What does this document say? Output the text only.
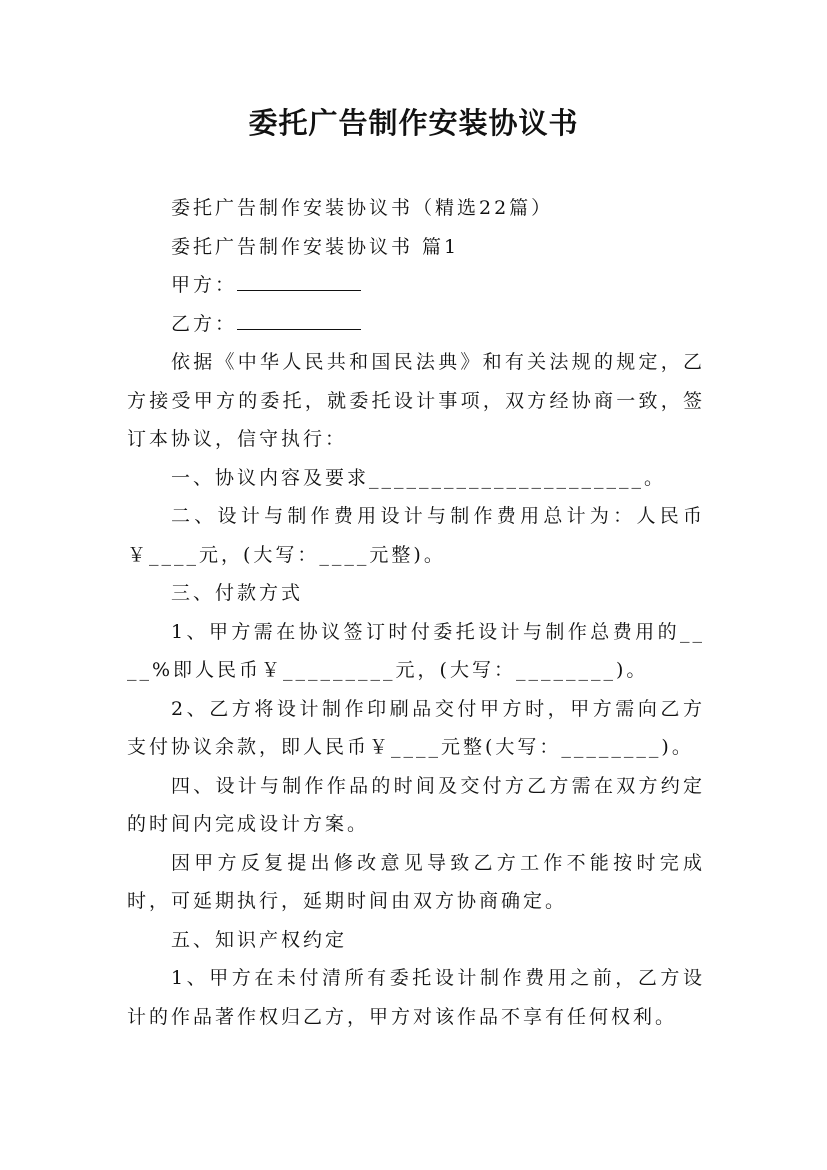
委托广告制作安装协议书

委托广告制作安装协议书（精选22篇）

委托广告制作安装协议书 篇1

甲方：

乙方：

依据《中华人民共和国民法典》和有关法规的规定，乙方接受甲方的委托，就委托设计事项，双方经协商一致，签订本协议，信守执行：

一、协议内容及要求______________________。

二、设计与制作费用设计与制作费用总计为：人民币￥____元，(大写：____元整)。

三、付款方式

1、甲方需在协议签订时付委托设计与制作总费用的____%即人民币￥_________元，(大写：________)。

2、乙方将设计制作印刷品交付甲方时，甲方需向乙方支付协议余款，即人民币￥____元整(大写：________)。

四、设计与制作作品的时间及交付方乙方需在双方约定的时间内完成设计方案。

因甲方反复提出修改意见导致乙方工作不能按时完成时，可延期执行，延期时间由双方协商确定。

五、知识产权约定

1、甲方在未付清所有委托设计制作费用之前，乙方设计的作品著作权归乙方，甲方对该作品不享有任何权利。
